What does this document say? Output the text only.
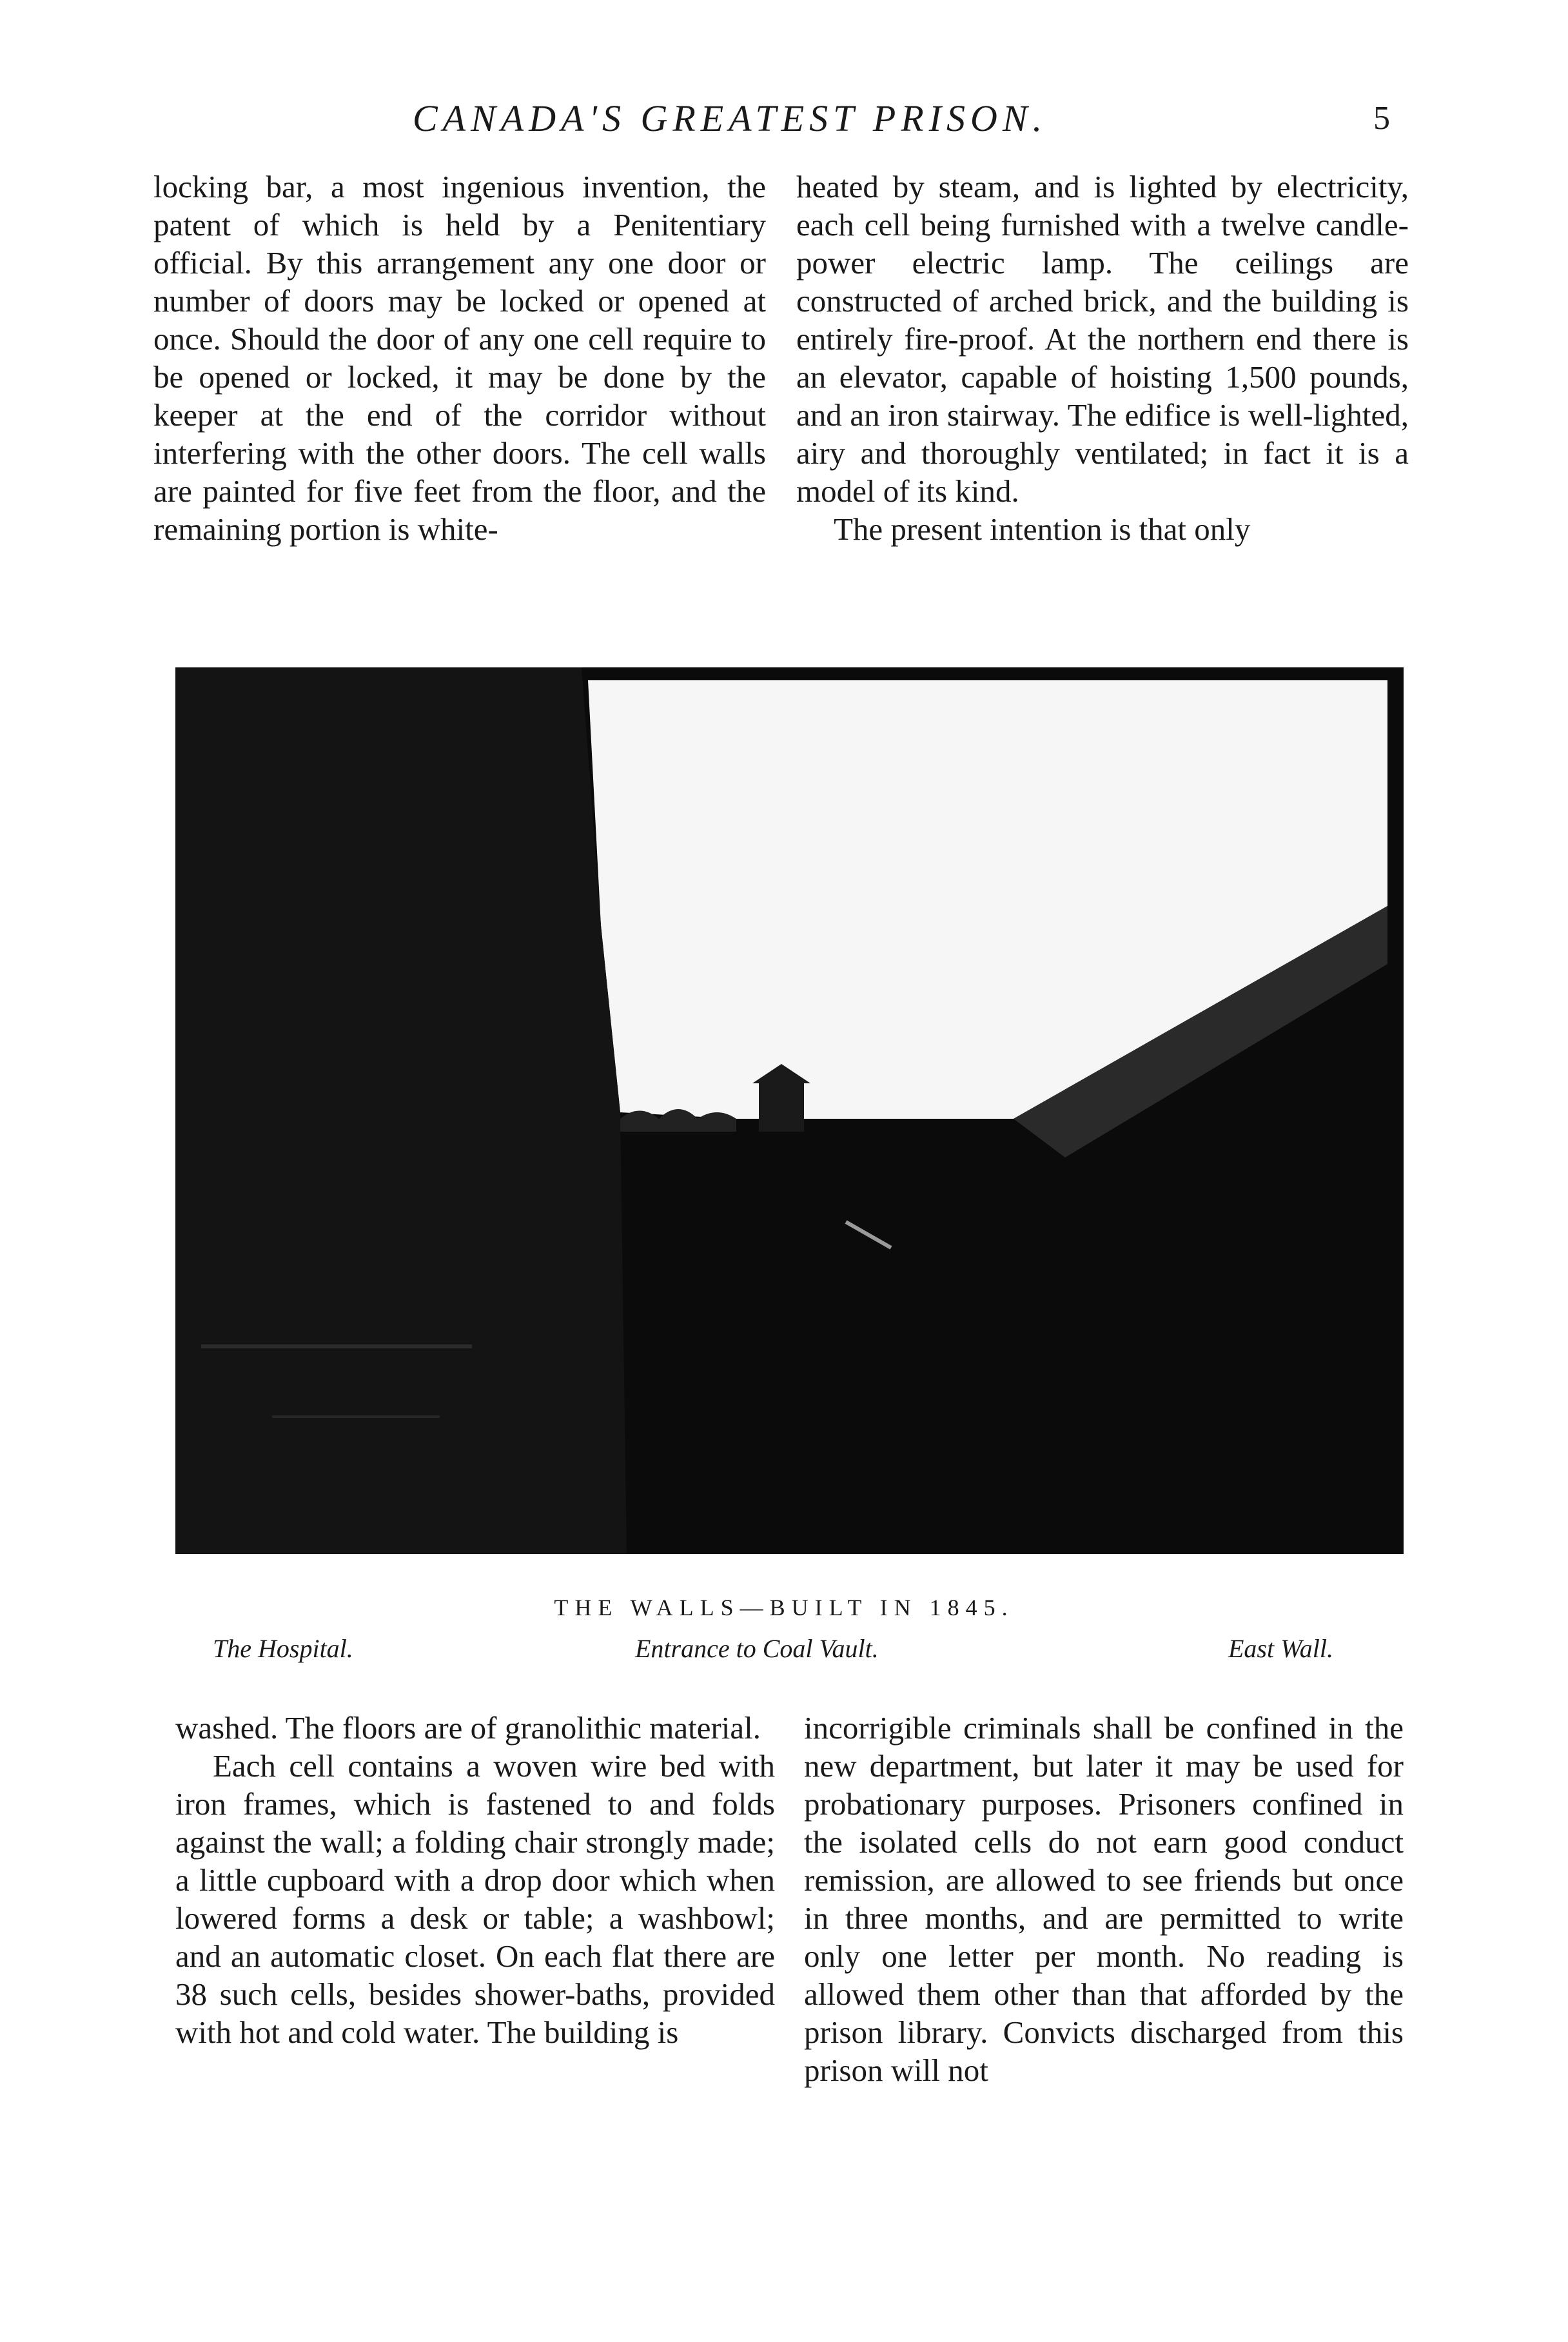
CANADA'S GREATEST PRISON.	5

locking bar, a most ingenious invention, the patent of which is held by a Penitentiary official. By this arrangement any one door or number of doors may be locked or opened at once. Should the door of any one cell require to be opened or locked, it may be done by the keeper at the end of the corridor without interfering with the other doors. The cell walls are painted for five feet from the floor, and the remaining portion is white-

heated by steam, and is lighted by electricity, each cell being furnished with a twelve candle-power electric lamp. The ceilings are constructed of arched brick, and the building is entirely fire-proof. At the northern end there is an elevator, capable of hoisting 1,500 pounds, and an iron stairway. The edifice is well-lighted, airy and thoroughly ventilated; in fact it is a model of its kind.

The present intention is that only

THE WALLS—BUILT IN 1845.
The Hospital.	Entrance to Coal Vault.	East Wall.

washed. The floors are of granolithic material.

Each cell contains a woven wire bed with iron frames, which is fastened to and folds against the wall; a folding chair strongly made; a little cupboard with a drop door which when lowered forms a desk or table; a washbowl; and an automatic closet. On each flat there are 38 such cells, besides shower-baths, provided with hot and cold water. The building is

incorrigible criminals shall be confined in the new department, but later it may be used for probationary purposes. Prisoners confined in the isolated cells do not earn good conduct remission, are allowed to see friends but once in three months, and are permitted to write only one letter per month. No reading is allowed them other than that afforded by the prison library. Convicts discharged from this prison will not
